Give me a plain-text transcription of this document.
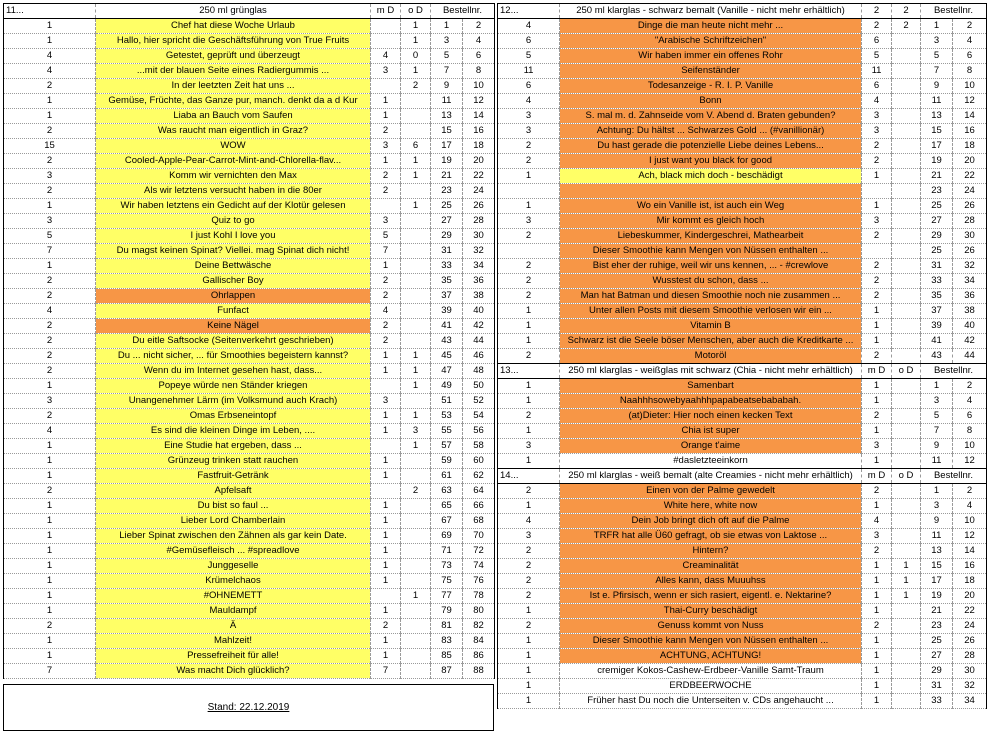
11...	250 ml grünglas	m D	o D	Bestellnr.	
1	Chef hat diese Woche Urlaub		1	1	2
1	Hallo, hier spricht die Geschäftsführung von True Fruits		1	3	4
4	Getestet, geprüft und überzeugt	4	0	5	6
4	...mit der blauen Seite eines Radiergummis ...	3	1	7	8
2	In der leetzten Zeit hat uns ...		2	9	10
1	Gemüse, Früchte, das Ganze pur, manch. denkt da a d Kur	1		11	12
1	Liaba an Bauch vom Saufen	1		13	14
2	Was raucht man eigentlich in Graz?	2		15	16
15	WOW	3	6	17	18
2	Cooled-Apple-Pear-Carrot-Mint-and-Chlorella-flav...	1	1	19	20
3	Komm wir vernichten den Max	2	1	21	22
2	Als wir letztens versucht haben in die 80er	2		23	24
1	Wir haben letztens ein Gedicht auf der Klotür gelesen		1	25	26
3	Quiz to go	3		27	28
5	I just Kohl I love you	5		29	30
7	Du magst keinen Spinat? Viellei. mag Spinat dich nicht!	7		31	32
1	Deine Bettwäsche	1		33	34
2	Gallischer Boy	2		35	36
2	Ohrlappen	2		37	38
4	Funfact	4		39	40
2	Keine Nägel	2		41	42
2	Du eitle Saftsocke (Seitenverkehrt geschrieben)	2		43	44
2	Du ... nicht sicher, ... für Smoothies begeistern kannst?	1	1	45	46
2	Wenn du im Internet gesehen hast, dass...	1	1	47	48
1	Popeye würde nen Ständer kriegen		1	49	50
3	Unangenehmer Lärm (im Volksmund auch Krach)	3		51	52
2	Omas Erbseneintopf	1	1	53	54
4	Es sind die kleinen Dinge im Leben, ....	1	3	55	56
1	Eine Studie hat ergeben, dass ...		1	57	58
1	Grünzeug trinken statt rauchen	1		59	60
1	Fastfruit-Getränk	1		61	62
2	Apfelsaft		2	63	64
1	Du bist so faul ...	1		65	66
1	Lieber Lord Chamberlain	1		67	68
1	Lieber Spinat zwischen den Zähnen als gar kein Date.	1		69	70
1	#Gemüsefleisch ... #spreadlove	1		71	72
1	Junggeselle	1		73	74
1	Krümelchaos	1		75	76
1	#OHNEMETT		1	77	78
1	Mauldampf	1		79	80
2	Ä	2		81	82
1	Mahlzeit!	1		83	84
1	Pressefreiheit für alle!	1		85	86
7	Was macht Dich glücklich?	7		87	88
Stand: 22.12.2019
12...	250 ml klarglas - schwarz bemalt (Vanille - nicht mehr erhältlich)	2	2	Bestellnr.	
4	Dinge die man heute nicht mehr ...	2	2	1	2
6	"Arabische Schriftzeichen"	6		3	4
5	Wir haben immer ein offenes Rohr	5		5	6
11	Seifenständer	11		7	8
6	Todesanzeige - R. I. P. Vanille	6		9	10
4	Bonn	4		11	12
3	S. mal m. d. Zahnseide vom V. Abend d. Braten gebunden?	3		13	14
3	Achtung: Du hältst ... Schwarzes Gold ... (#vanillionär)	3		15	16
2	Du hast gerade die potenzielle Liebe deines Lebens...	2		17	18
2	I just want you black for good	2		19	20
1	Ach, black mich doch - beschädigt	1		21	22
				23	24
1	Wo ein Vanille ist, ist auch ein Weg	1		25	26
3	Mir kommt es gleich hoch	3		27	28
2	Liebeskummer, Kindergeschrei, Mathearbeit	2		29	30
	Dieser Smoothie kann Mengen von Nüssen enthalten ...			25	26
2	Bist eher der ruhige, weil wir uns kennen, ... - #crewlove	2		31	32
2	Wusstest du schon, dass ...	2		33	34
2	Man hat Batman und diesen Smoothie noch nie zusammen ...	2		35	36
1	Unter allen Posts mit diesem Smoothie verlosen wir ein ...	1		37	38
1	Vitamin B	1		39	40
1	Schwarz ist die Seele böser Menschen, aber auch die Kreditkarte ...	1		41	42
2	Motoröl	2		43	44
13...	250 ml klarglas - weißglas mit schwarz (Chia - nicht mehr erhältlich)	m D	o D	Bestellnr.	
1	Samenbart	1		1	2
1	Naahhhsowebyaahhhpapabeatsebababah.	1		3	4
2	(at)Dieter: Hier noch einen kecken Text	2		5	6
1	Chia ist super	1		7	8
3	Orange t'aime	3		9	10
1	#dasletzteeinkorn	1		11	12
14...	250 ml klarglas - weiß bemalt (alte Creamies - nicht mehr erhältlich)	m D	o D	Bestellnr.	
2	Einen von der Palme gewedelt	2		1	2
1	White here, white now	1		3	4
4	Dein Job bringt dich oft auf die Palme	4		9	10
3	TRFR hat alle Ü60 gefragt, ob sie etwas von Laktose ...	3		11	12
2	Hintern?	2		13	14
2	Creaminalität	1	1	15	16
2	Alles kann, dass Muuuhss	1	1	17	18
2	Ist e. Pfirsisch, wenn er sich rasiert, eigentl. e. Nektarine?	1	1	19	20
1	Thai-Curry beschädigt	1		21	22
2	Genuss kommt von Nuss	2		23	24
1	Dieser Smoothie kann Mengen von Nüssen enthalten ...	1		25	26
1	ACHTUNG, ACHTUNG!	1		27	28
1	cremiger Kokos-Cashew-Erdbeer-Vanille Samt-Traum	1		29	30
1	ERDBEERWOCHE	1		31	32
1	Früher hast Du noch die Unterseiten v. CDs angehaucht ...	1		33	34
